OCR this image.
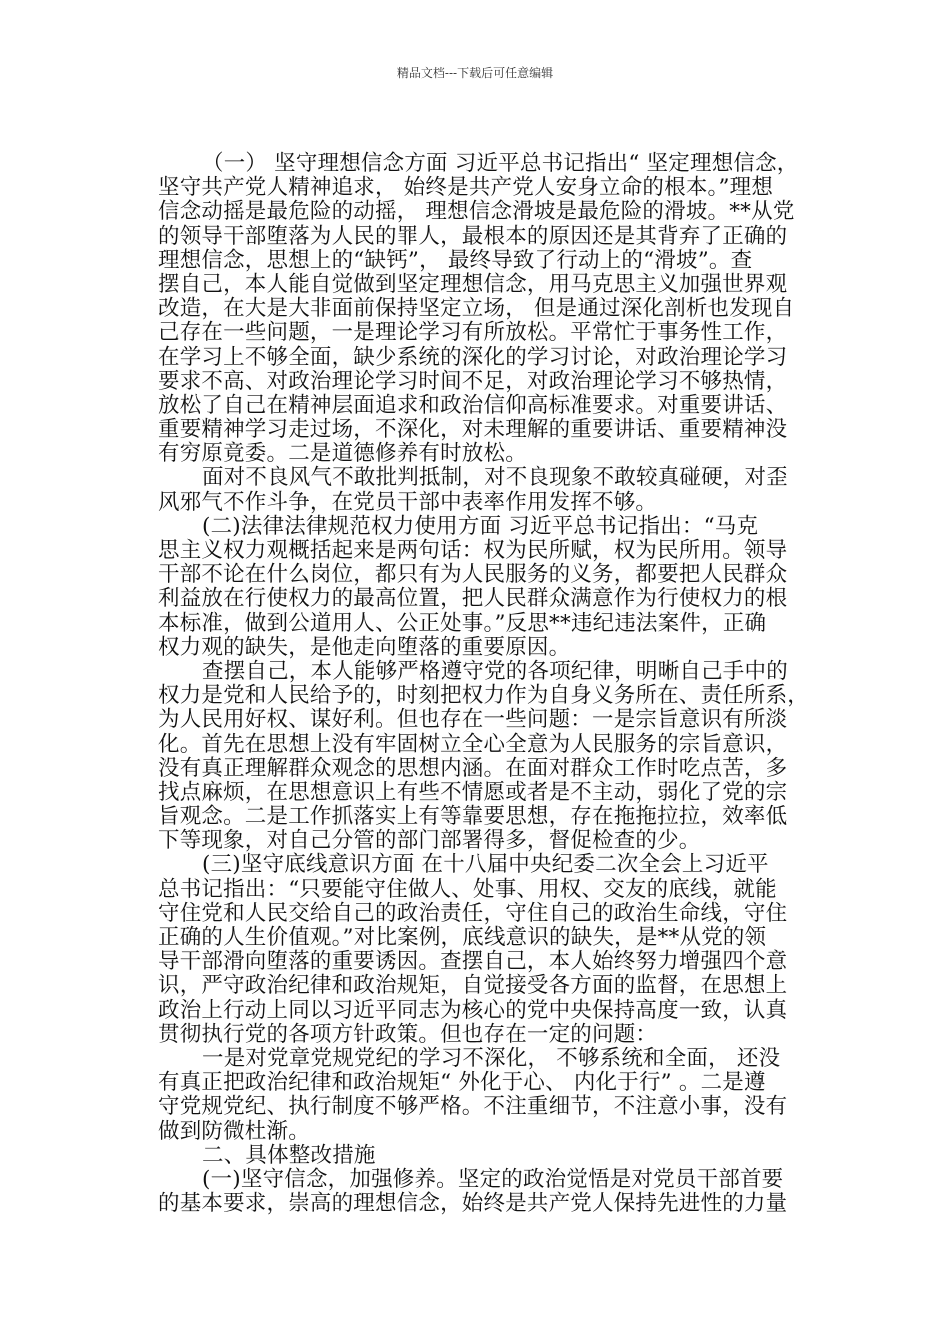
精品文档---下载后可任意编辑
（一） 坚守理想信念方面 习近平总书记指出“ 坚定理想信念，
坚守共产党人精神追求， 始终是共产党人安身立命的根本。”理想
信念动摇是最危险的动摇， 理想信念滑坡是最危险的滑坡。**从党
的领导干部堕落为人民的罪人，最根本的原因还是其背弃了正确的
理想信念，思想上的“缺钙”， 最终导致了行动上的“滑坡”。查
摆自己，本人能自觉做到坚定理想信念，用马克思主义加强世界观
改造，在大是大非面前保持坚定立场， 但是通过深化剖析也发现自
己存在一些问题，一是理论学习有所放松。平常忙于事务性工作，
在学习上不够全面，缺少系统的深化的学习讨论，对政治理论学习
要求不高、对政治理论学习时间不足，对政治理论学习不够热情，
放松了自己在精神层面追求和政治信仰高标准要求。对重要讲话、
重要精神学习走过场，不深化，对未理解的重要讲话、重要精神没
有穷原竟委。二是道德修养有时放松。
面对不良风气不敢批判抵制，对不良现象不敢较真碰硬，对歪
风邪气不作斗争，在党员干部中表率作用发挥不够。
(二)法律法律规范权力使用方面 习近平总书记指出：“马克
思主义权力观概括起来是两句话：权为民所赋，权为民所用。领导
干部不论在什么岗位，都只有为人民服务的义务，都要把人民群众
利益放在行使权力的最高位置，把人民群众满意作为行使权力的根
本标准，做到公道用人、公正处事。”反思**违纪违法案件，正确
权力观的缺失，是他走向堕落的重要原因。
查摆自己，本人能够严格遵守党的各项纪律，明晰自己手中的
权力是党和人民给予的，时刻把权力作为自身义务所在、责任所系，
为人民用好权、谋好利。但也存在一些问题：一是宗旨意识有所淡
化。首先在思想上没有牢固树立全心全意为人民服务的宗旨意识，
没有真正理解群众观念的思想内涵。在面对群众工作时吃点苦，多
找点麻烦，在思想意识上有些不情愿或者是不主动，弱化了党的宗
旨观念。二是工作抓落实上有等靠要思想，存在拖拖拉拉，效率低
下等现象，对自己分管的部门部署得多，督促检查的少。
(三)坚守底线意识方面 在十八届中央纪委二次全会上习近平
总书记指出：“只要能守住做人、处事、用权、交友的底线，就能
守住党和人民交给自己的政治责任，守住自己的政治生命线，守住
正确的人生价值观。”对比案例，底线意识的缺失，是**从党的领
导干部滑向堕落的重要诱因。查摆自己，本人始终努力增强四个意
识，严守政治纪律和政治规矩，自觉接受各方面的监督，在思想上
政治上行动上同以习近平同志为核心的党中央保持高度一致，认真
贯彻执行党的各项方针政策。但也存在一定的问题：
一是对党章党规党纪的学习不深化， 不够系统和全面， 还没
有真正把政治纪律和政治规矩“ 外化于心、 内化于行” 。二是遵
守党规党纪、执行制度不够严格。不注重细节，不注意小事，没有
做到防微杜渐。
二、具体整改措施
(一)坚守信念，加强修养。坚定的政治觉悟是对党员干部首要
的基本要求，崇高的理想信念，始终是共产党人保持先进性的力量
